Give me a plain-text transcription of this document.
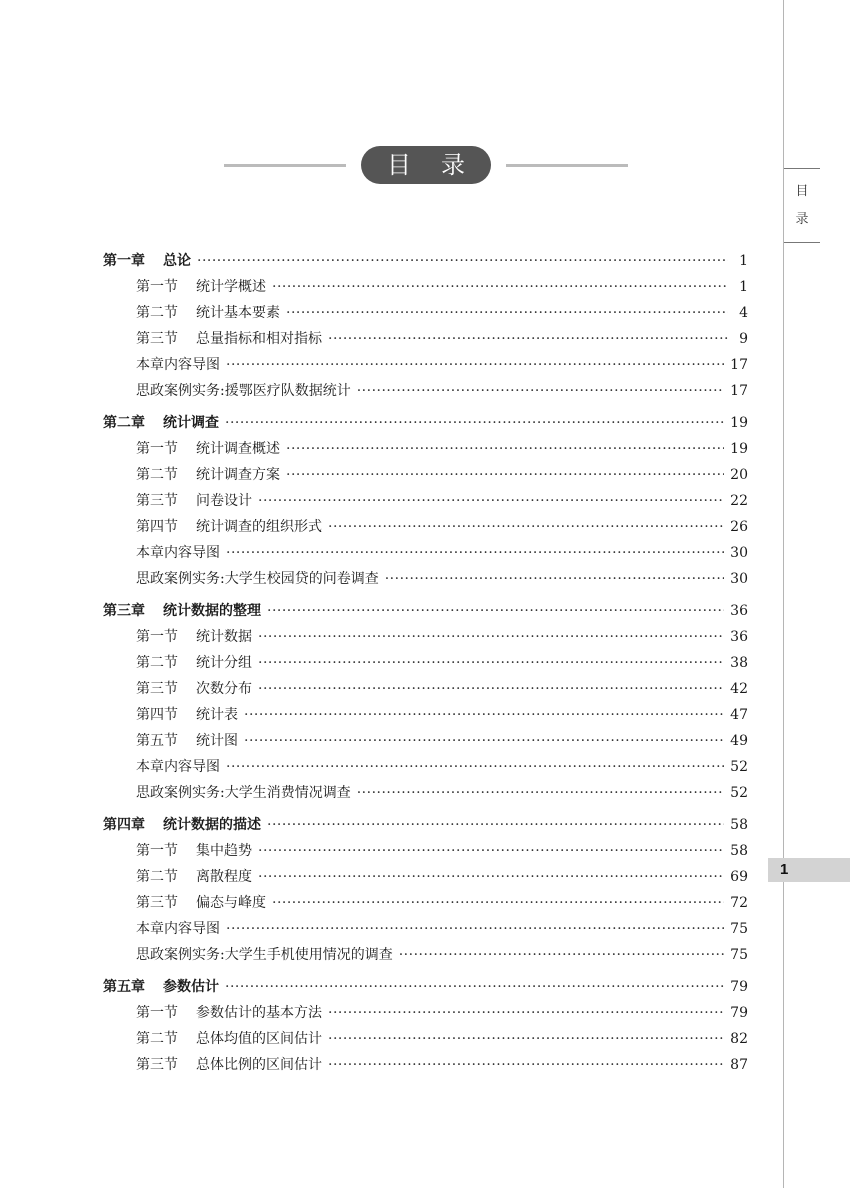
目
录
1
目录
第一章 总论 ·····	1
第一节 统计学概述 ·····	1
第二节 统计基本要素 ·····	4
第三节 总量指标和相对指标 ·····	9
本章内容导图 ·····	17
思政案例实务:援鄂医疗队数据统计 ·····	17
第二章 统计调查 ·····	19
第一节 统计调查概述 ·····	19
第二节 统计调查方案 ·····	20
第三节 问卷设计 ·····	22
第四节 统计调查的组织形式 ·····	26
本章内容导图 ·····	30
思政案例实务:大学生校园贷的问卷调查 ·····	30
第三章 统计数据的整理 ·····	36
第一节 统计数据 ·····	36
第二节 统计分组 ·····	38
第三节 次数分布 ·····	42
第四节 统计表 ·····	47
第五节 统计图 ·····	49
本章内容导图 ·····	52
思政案例实务:大学生消费情况调查 ·····	52
第四章 统计数据的描述 ·····	58
第一节 集中趋势 ·····	58
第二节 离散程度 ·····	69
第三节 偏态与峰度 ·····	72
本章内容导图 ·····	75
思政案例实务:大学生手机使用情况的调查 ·····	75
第五章 参数估计 ·····	79
第一节 参数估计的基本方法 ·····	79
第二节 总体均值的区间估计 ·····	82
第三节 总体比例的区间估计 ·····	87
